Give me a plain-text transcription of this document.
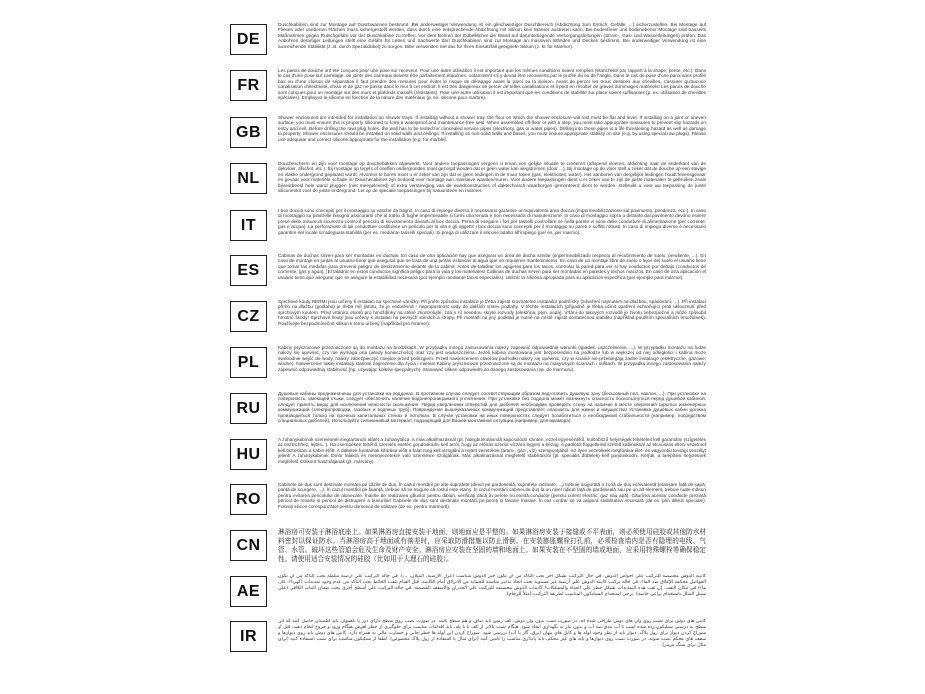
DE
Duschkabinen sind zur Montage auf Duschwannen bestimmt. Bei anderweitiger Verwendung ist ein gleichwertiger Duschbereich (Abdichtung zum Estrich, Gefälle, ...) sicherzustellen. Bei Montage auf Fliesen oder unebenen Flächen muss sichergestellt werden, dass durch eine entsprechende Abdichtung mit Silikon kein Wasser austreten kann. Bei bodenfreier und bodenebener Montage sind bauseits Maßnahmen gegen Rutschgefahr vor der Duschkabine zu treffen. Vor dem Bohren der Dübellöcher die Wand auf darunterliegende Versorgungsleitungen (Strom-, Gas- und Wasserleitungen) prüfen. Das Anbohren derartiger Leitungen stellt eine Gefahr für Leben und Sachwerte dar! Duschkabinen sind zur Montage an massiven Wänden und Decken bestimmt. Bei anderweitiger Verwendung ist eine ausreichende Stabilität (z. B. durch Spezialdübel) zu sorgen. Bitte verwenden Sie das für Ihren Einsatzfall geeignete Silikon (z. B. für Marmor).
FR
Les parois de douche ont été conçues pour une pose sur receveur. Pour une autre utilisation il est important que les mêmes conditions soient remplies (étanchéité par rapport à la chape, pente, etc.). Dans le cas d'une pose sur carrelage, de joints des carreaux doivent être parfaitement étanches, notamment s'il y devait être recouverts par le profilé du ou de l'angle. Dans le cas de pose d'une paroi sans profilé bas ou d'une cloison de séparation il faut prendre des mesures pour éviter le risque de dérapage avant la paroi ou la cloison. Avant de percer les trous destinés aux chevilles, s'assurer qu'aucune canalisation d'électricité, d'eau et de gaz ne passe dans le mur à cet endroit. Il est très dangereux de percer de telles canalisations et il peut en résulter de graves dommages matériels! Les parois de douche sont conçues pour un montage sur des murs et plafonds massifs (résistants). Pour une autre utilisation il est important que les conditions de stabilité sur place soient suffisantes (p. ex. utilisation de chevilles spéciales). Employez le silicone en fonction de la nature des matériaux (p. ex. silicone pour marbre).
GB
Shower enclosures are intended for installation on shower trays. If installing without a shower tray, the floor on which the shower enclosure will rest must be flat and level. If installing on a joint or uneven surface, you must ensure this is properly siliconed to form a waterproof and maintenance-free seal. When assembled off-floor or with a step, you must take appropriate measures to prevent slip hazards on entry and exit. Before drilling the rawl plug holes, the wall has to be tested for concealed service pipes (electricity, gas or water pipes). Drilling into these pipes is a life threatening hazard as well as damage to property. Shower enclosures should be installed on solid walls and ceilings. If installing on non-solid walls and bases, you must ensure appropriate stability on site (e.g. by using special raw plugs). Please use adequate and correct silicone appropriate for the installation (e.g. for marble).
NL
Douchescherm en zijn voor montage op douchebakken afgewerkt. Voor andere toepassingen vergeen u ervan een gelijke situatie te creëeren (aflopend vloeren, afdichting naar de onderkant van de dekvloer, afschot, etc.). Bij montage op tegels of oneffen ondergronden moet gezorgd worden dat er geen water kan wegstromen (door ...). Bij montage op de vloer stelt u zeker dat de douche op een stevige en vlakke ondergrond geplaatst wordt. Alvorens te boren moet u er zeker van zijn dat er geen leidingen in de muur lopen (gas, elektriciteit, water). Het aanboren van dergelijke leidingen houdt levensgevaar en gevaar voor materiële schade in! Douchecabines zijn bedoeld voor montage aan massieve wanden/muren. Voor andere toepassingen dient u er zeker van te zijn de juiste materialen te gebruiken zoals bijvoorbeeld hele wand pluggen (niet meegeleverd) of extra versteviging van de wandconstructies of daktechnisch waarborgen gemonteerd dient te worden. Gebruikt u voor uw toepassing de juiste siliconenkit voor de juiste ondergrond. Let op de speciale toepassingen bij natuursteen en marmer.
IT
I box doccia sono concepiti per il montaggio su vasche da bagno. In caso di impiego diverso è necessario garantire un'equivalente area doccia (impermeabilizzazione sul pavimento, pendenza, ecc.). In caso di montaggio su piastrelle bisogna assicurarsi che al trafilo di fughe impermeabile si formi una tenuta e non necessaria di manutenzione. In caso di montaggio sopra o distante dal pavimento devono essere prese delle misure di sicurezza contro il pericolo di scivolamento davanti al box doccia. Prima di eseguire i fori per tasselli controllare se nella parete vi sono delle condutture di alimentazione (per corrente, gas e acqua). La perforazione di tali condutture costituisce un pericolo per la vita e gli oggetti! I box doccia sono concepiti per il montaggio su pareti e soffitti robusti. In caso di impiego diverso è necessario garantire nel locale un'adeguata stabilità (per es. mediante tasselli speciali). Si prega di utilizzare il silicone adatto all'impiego (per es. per marmo).
ES
Cabinas de duchas sirven para ser montadas en duchas. En caso de otra aplicación hay que asegurar un área de ducha similar (impermeabilizado respecto al recubrimiento de suelo, pendiente, ...). En caso de montaje en juntas al usuario tiene que asegurar que se trata de una juntas estancas al agua que no requieren mantenimiento. En caso de un montaje libre de suelo o lejos del suelo el usuario tiene que tomar las medidas para prevenir peligro de deslizamiento delante de la cabina. Antes de taladrar los agujeros para los tacos, controlar la pared para ver si hay conductos por debajo (conductos de corriente, gas y agua). ¡El taladrar en estos conductos significa peligro para la vida y los materiales! Cabinas de duchas sirven para ser montadas en paredes y techos macizos. En caso de otra aplicación el usuario tiene que asegurar que se asegure la estabilidad necesaria (por ejemplo mediante tacos especiales). Utilizar la silicona apropiada para su aplicación específica (por ejemplo para mármol).
CZ
Sprchové kouty KERMI jsou určeny k instalaci na sprchové vaničky. Při jiném způsobu instalace je třeba zajistit srovnatelné instalační podmínky (zdvoření najmutém na dlažbou, spádování, ...). Při instalaci přímo na dlažbu (podlahu) je třeba mít jistotu, že je vodotěsná - nepropustnost vody do dalších vrstev podlahy. V těchto instalacích (připadně je třeba učinit opatření ochraňující proti uklouznutí před sprchovým koutem. Před vrtáním otvorů pro hmoždinky na stěně zkontrolujte, zda v ní nevedou skryté rozvody (elektřina, plyn, voda). Vrtání do takových rozvodů je životu nebezpečné a může způsobit hmotné škody! Sprchové kouty jsou určeny k instalaci na pevných stěnách a stropy. Při montáži na jiný podklad je nutné na místě zajistit dostatečnou stabilitu (například použitím speciálních hmoždinek). Používejte bezpodmínečně silikon k tomu určený (například pro mramor).
PL
Kabiny prysznicowe przeznaczone są do montażu na brodzikach. W przypadku innego zastosowania należy zapewnić odpowiednie warunki (spadek, uszczelnienie, ...). W przypadku montażu na fudze należy się upewnić, czy nie wymaga ona (wtedy konieczności) oraz czy jest wodoszczelna. Jeżeli kabina montowana jest bezpośrednio na podłodze lub w większej od niej odległości i kabina może swobodnie wejść do wody, należy zabezpieczyć miejsce przed poślizgiem. Przed nawierceniem otworów pod kołki należy się upewnić, czy w ścianie nie przebiegają żadne instalacje (elektryczne, gazowe, wodne). Nawiercenie takiej instalacji stanowi zagrożenie dla życia i mienia! Kabiny prysznicowe przeznaczone są do montażu na masywnych ścianach i sufitach. W przypadku innego zastosowania należy zapewnić odpowiednią stabilność (np. używając kołków specjalnych). Stosować silikon odpowiedni do danego zastosowania (np. do marmuru).
RU
Душевые кабины предназначены для установки на поддонах. В противном случае следует соответствующим образом подготовить душевую зону (бесшовный пол, наклон, ...). При установке на поверхность, имеющей стыки, следует обеспечить наличие водонепроницаемого уплотнения. При установке без поддона может возникнуть опасность поскользнуться перед душевой кабиной, следует принять меры для исключения опасности скольжения. Перед сверлением отверстий для дюбелей необходимо проверить стену на наличие в месте сверления скрытых инженерных коммуникаций (электропроводки, газовых и водяных труб). Повреждение вышеуказанных коммуникаций представляет опасность для жизни и имущества! Установка душевых кабин должна производиться только на прочных капитальных стенах и потолках. В случае установки на иных поверхностях следует позаботиться о необходимой стабильности (например, посредством специальных дюбелей). Используйте силиконовый материал, подходящий для Вашей монтажной ситуации (например, для мрамора).
HU
A zuhanykabinok szerelésnél megtartandó alátét a zuhanytálca. A más alkalmazásnál (pl. hidegburkolásnál) kapcsolódó szinten, ezzel egyenértékű, különböző helyiségek feltételeit kell garantálni (szigetelés az esztrichhez, lejtés...). Ha csempéken történő szerelés esetén gondoskodni kell arról, hogy az előírás szerint vízzáró legyen a hézag. A padlótól függetlenül szerelt kabinoknál az elcsúszás elleni védelmet kell biztosítani a kabin előtt. A dübelek furatainak kifúrása előtt a falat meg kell vizsgálni a rejtett vezetékek (áram-, gáz-, víz) szempontjából. Az ilyen vezetékek megfúrása élet- és vagyonbiztonsági veszélyt jelent! A zuhanykabinok tömör falakra és mennyezetekre való szerelésre szolgálnak. Más alkalmazásnál megfelelő stabilitásról (pl. speciális dübelek) kell gondoskodni. Kérjük, a beépítési helyzetnek megfelelő szilikont használjanak (pl. márvány).
RO
Cabinele de duș sunt destinate montării pe căzile de duș. În cazul montării pe alte suprafețe (direct pe pardoseală, suprafețe inclinate, ...) trebuie asigurată o zonă de duș echivalentă (etanșare față de șapă, pantă de scurgere, ...). În cazul montării pe faianță, trebuie să se asigure că rostul este etanș. În cazul montării cabinei de duș la un nivel ridicat față de pardoseală sau pe un alt element, trebuie luate măsuri pentru evitarea pericolului de alunecare. Înainte de realizarea găurilor pentru dibluri, verificați dacă în perete nu există conducte (pentru curent electric, gaz sau apă). Găurirea acestor conducte prezintă pericol de moarte și pericol de distrugere a bunurilor! Cabinele de duș sunt destinate montării pe pereți și tavane masive. În caz contrar se va asigura stabilitatea necesară (de ex. prin dibluri speciale). Folosiți silicon corespunzător pentru domeniul de utilizare (de ex. pentru marmură).
CN
淋浴房可安装于淋浴底座上。如果淋浴房直接安装于地面，则地面应是平整的。如果淋浴房安装于接缝或不平表面，则必须使用硅胶或其他防水材料密封以保证防水。当淋浴房高于地面或有落差时，应采取防滑措施以防止滑倒。在安装膨胀螺栓打孔前，必须检查墙内是否有隐埋的电线、气管、水管。破坏这些管道会危及生命及财产安全。淋浴房应安装在坚固的墙和地面上。如果安装在不坚固的墙或地面，应采用特殊螺栓等确保稳定性。请使用适合安装情况的硅胶（比如用于大理石的硅胶）。
AE
كابينة الدوش مخصصة للتركيب على أحواض الدوش. في حال التركيب بشكل آخر يجب التأكد من أن يكون حيز الدوش متناسب (عزل الأرضية، الميلان، ...). في حالة التركيب على أرضية مبلطة يجب التأكد من أن تكون الفواصل محكمة الإغلاق ضد الماء. في حالة تركيب كابينة الدوش على أرضية غير مستوية يجب اتخاذ تدابير مناسبة للحماية من الانزلاق أمام الكابينة. قبل القيام بثقب الحائط يجب التأكد من عدم وجود تمديدات (كهرباء، غاز، ماء) في مكان الثقب. إن ثقب هذه التمديدات يشكل خطر على الحياة والممتلكات! كابينات الدوش مخصصة للتركيب على الجدران والأسقف المصمتة. في حالة التركيب على أسطح أخرى يجب ضمان الثبات الكافي (على سبيل المثال باستخدام براغي خاصة). يرجى استخدام السيليكون المناسب لطريقة التركيب (مثلاً للرخام).
IR
کابین های دوش برای نصب روی وان های دوش طراحی شده اند. در صورت نصب بدون وان دوش، کف زمین باید صاف و هم سطح باشد. در صورت نصب روی سطح دارای درز یا ناهموار، باید اطمینان حاصل کنید که این سطح به درستی سیلیکون زده شده است تا آب بندی ضد آب و بدون نیاز به نگهداری ایجاد شود. هنگام نصب بالاتر از کف یا با پله، باید اقدامات مناسب برای جلوگیری از خطر لغزش هنگام ورود و خروج انجام دهید. قبل از سوراخ کردن دیوار برای رول پلاک، دیوار باید از نظر وجود لوله ها و کابل های پنهان (برق، گاز یا آب) بررسی شود. سوراخ کردن این لوله ها خطر جانی و خسارت مالی به همراه دارد. کابین های دوش باید روی دیوارها و سقف های محکم نصب شوند. در صورت نصب روی دیوارها و پایه های غیر محکم، باید پایداری مناسب را تامین کنید (برای مثال با استفاده از رول پلاک مخصوص). لطفا از سیلیکون مناسب برای نصب استفاده کنید (برای مثال برای سنگ مرمر).
